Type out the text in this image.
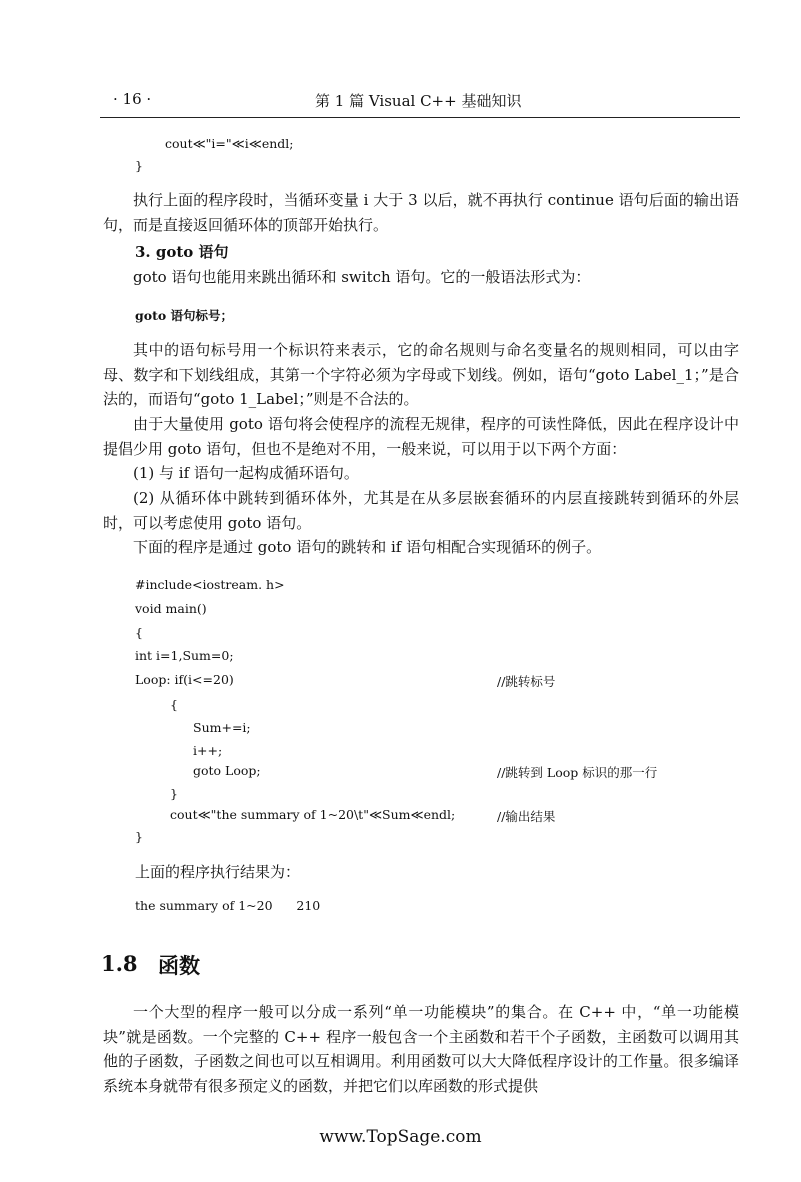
· 16 ·	第 1 篇 Visual C++ 基础知识
cout≪"i="≪i≪endl;
}
执行上面的程序段时，当循环变量 i 大于 3 以后，就不再执行 continue 语句后面的输出语句，而是直接返回循环体的顶部开始执行。
3. goto 语句
goto 语句也能用来跳出循环和 switch 语句。它的一般语法形式为：
goto 语句标号；
其中的语句标号用一个标识符来表示，它的命名规则与命名变量名的规则相同，可以由字母、数字和下划线组成，其第一个字符必须为字母或下划线。例如，语句“goto Label_1；”是合法的，而语句“goto 1_Label；”则是不合法的。
由于大量使用 goto 语句将会使程序的流程无规律，程序的可读性降低，因此在程序设计中提倡少用 goto 语句，但也不是绝对不用，一般来说，可以用于以下两个方面：
(1) 与 if 语句一起构成循环语句。
(2) 从循环体中跳转到循环体外，尤其是在从多层嵌套循环的内层直接跳转到循环的外层时，可以考虑使用 goto 语句。
下面的程序是通过 goto 语句的跳转和 if 语句相配合实现循环的例子。
#include<iostream. h>
void main()
{
int i=1,Sum=0;
Loop: if(i<=20)	//跳转标号
{
Sum+=i;
i++;
goto Loop;	//跳转到 Loop 标识的那一行
}
cout≪"the summary of 1~20\t"≪Sum≪endl;	//输出结果
}
上面的程序执行结果为：
the summary of 1~20      210
1.8 函数
一个大型的程序一般可以分成一系列“单一功能模块”的集合。在 C++ 中，“单一功能模块”就是函数。一个完整的 C++ 程序一般包含一个主函数和若干个子函数，主函数可以调用其他的子函数，子函数之间也可以互相调用。利用函数可以大大降低程序设计的工作量。很多编译系统本身就带有很多预定义的函数，并把它们以库函数的形式提供
www.TopSage.com
